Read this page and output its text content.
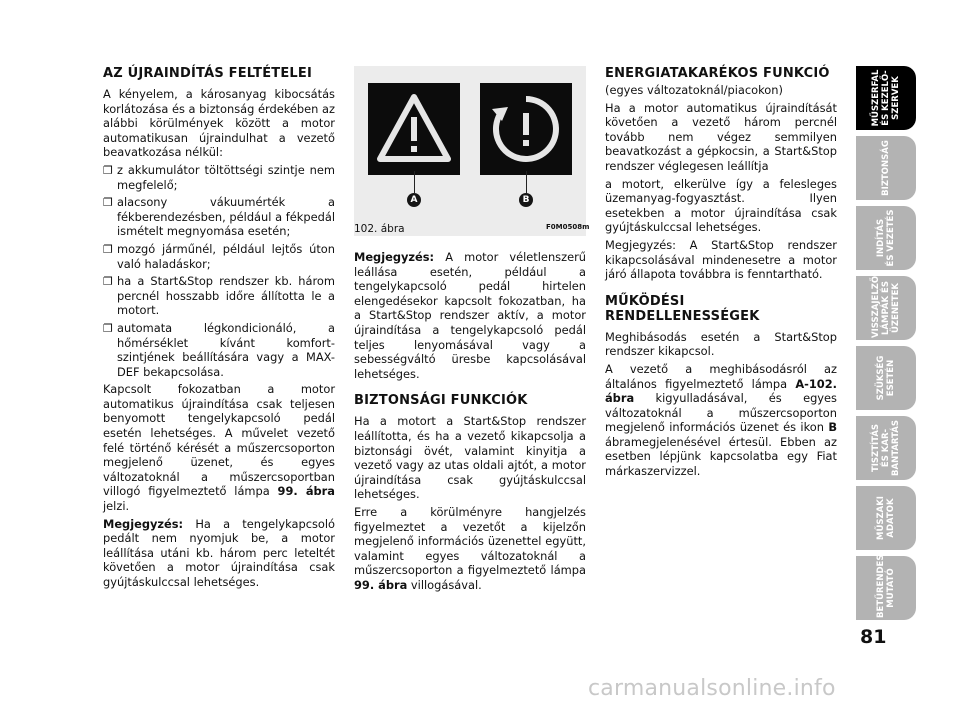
AZ ÚJRAINDÍTÁS FELTÉTELEI

A kényelem, a károsanyag kibocsátás korlátozása és a biztonság érdekében az alábbi körülmények között a motor automatikusan újraindulhat a vezető beavatkozása nélkül:

❐ z akkumulátor töltöttségi szintje nem megfelelő;
❐ alacsony vákuumérték a fékberendezésben, például a fékpedál ismételt megnyomása esetén;
❐ mozgó járműnél, például lejtős úton való haladáskor;
❐ ha a Start&Stop rendszer kb. három percnél hosszabb időre állította le a motort.
❐ automata légkondicionáló, a hőmérséklet kívánt komfort-szintjének beállítására vagy a MAX-DEF bekapcsolása.

Kapcsolt fokozatban a motor automatikus újraindítása csak teljesen benyomott tengelykapcsoló pedál esetén lehetséges. A művelet vezető felé történő kérését a műszercsoporton megjelenő üzenet, és egyes változatoknál a műszercsoportban villogó figyelmeztető lámpa 99. ábra jelzi.

Megjegyzés: Ha a tengelykapcsoló pedált nem nyomjuk be, a motor leállítása utáni kb. három perc leteltét követően a motor újraindítása csak gyújtáskulccsal lehetséges.

A	B
102. ábra	F0M0508m

Megjegyzés: A motor véletlenszerű leállása esetén, például a tengelykapcsoló pedál hirtelen elengedésekor kapcsolt fokozatban, ha a Start&Stop rendszer aktív, a motor újraindítása a tengelykapcsoló pedál teljes lenyomásával vagy a sebességváltó üresbe kapcsolásával lehetséges.

BIZTONSÁGI FUNKCIÓK

Ha a motort a Start&Stop rendszer leállította, és ha a vezető kikapcsolja a biztonsági övét, valamint kinyitja a vezető vagy az utas oldali ajtót, a motor újraindítása csak gyújtáskulccsal lehetséges.

Erre a körülményre hangjelzés figyelmeztet a vezetőt a kijelzőn megjelenő információs üzenettel együtt, valamint egyes változatoknál a műszercsoporton a figyelmeztető lámpa 99. ábra villogásával.

ENERGIATAKARÉKOS FUNKCIÓ

(egyes változatoknál/piacokon)

Ha a motor automatikus újraindítását követően a vezető három percnél tovább nem végez semmilyen beavatkozást a gépkocsin, a Start&Stop rendszer véglegesen leállítja

a motort, elkerülve így a felesleges üzemanyag-fogyasztást. Ilyen esetekben a motor újraindítása csak gyújtáskulccsal lehetséges.

Megjegyzés: A Start&Stop rendszer kikapcsolásával mindenesetre a motor járó állapota továbbra is fenntartható.

MŰKÖDÉSI
RENDELLENESSÉGEK

Meghibásodás esetén a Start&Stop rendszer kikapcsol.

A vezető a meghibásodásról az általános figyelmeztető lámpa A-102. ábra kigyulladásával, és egyes változatoknál a műszercsoporton megjelenő információs üzenet és ikon B ábramegjelenésével értesül. Ebben az esetben lépjünk kapcsolatba egy Fiat márkaszervizzel.

MŰSZERFAL
ÉS KEZELŐ-
SZERVEK
BIZTONSÁG
INDÍTÁS
ÉS VEZETÉS
VISSZAJELZŐ
LÁMPÁK ÉS
ÜZENETEK
SZÜKSÉG
ESETÉN
TISZTÍTÁS
ÉS KAR-
BANTARTÁS
MŰSZAKI
ADATOK
BETŰRENDES
MUTATÓ
81
carmanualsonline.info
